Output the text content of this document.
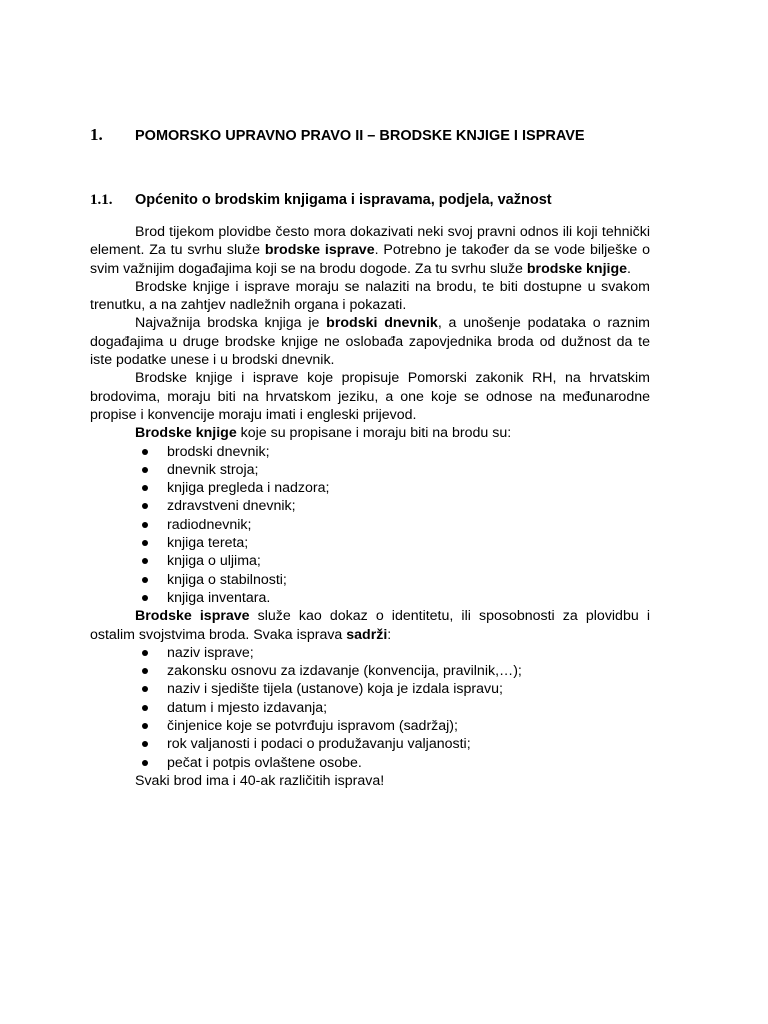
1. POMORSKO UPRAVNO PRAVO II – BRODSKE KNJIGE I ISPRAVE
1.1. Općenito o brodskim knjigama i ispravama, podjela, važnost

Brod tijekom plovidbe često mora dokazivati neki svoj pravni odnos ili koji tehnički element. Za tu svrhu služe brodske isprave. Potrebno je također da se vode bilješke o svim važnijim događajima koji se na brodu dogode. Za tu svrhu služe brodske knjige.

Brodske knjige i isprave moraju se nalaziti na brodu, te biti dostupne u svakom trenutku, a na zahtjev nadležnih organa i pokazati.

Najvažnija brodska knjiga je brodski dnevnik, a unošenje podataka o raznim događajima u druge brodske knjige ne oslobađa zapovjednika broda od dužnost da te iste podatke unese i u brodski dnevnik.

Brodske knjige i isprave koje propisuje Pomorski zakonik RH, na hrvatskim brodovima, moraju biti na hrvatskom jeziku, a one koje se odnose na međunarodne propise i konvencije moraju imati i engleski prijevod.

Brodske knjige koje su propisane i moraju biti na brodu su:

brodski dnevnik;
dnevnik stroja;
knjiga pregleda i nadzora;
zdravstveni dnevnik;
radiodnevnik;
knjiga tereta;
knjiga o uljima;
knjiga o stabilnosti;
knjiga inventara.

Brodske isprave služe kao dokaz o identitetu, ili sposobnosti za plovidbu i ostalim svojstvima broda. Svaka isprava sadrži:

naziv isprave;
zakonsku osnovu za izdavanje (konvencija, pravilnik,…);
naziv i sjedište tijela (ustanove) koja je izdala ispravu;
datum i mjesto izdavanja;
činjenice koje se potvrđuju ispravom (sadržaj);
rok valjanosti i podaci o produžavanju valjanosti;
pečat i potpis ovlaštene osobe.

Svaki brod ima i 40-ak različitih isprava!
